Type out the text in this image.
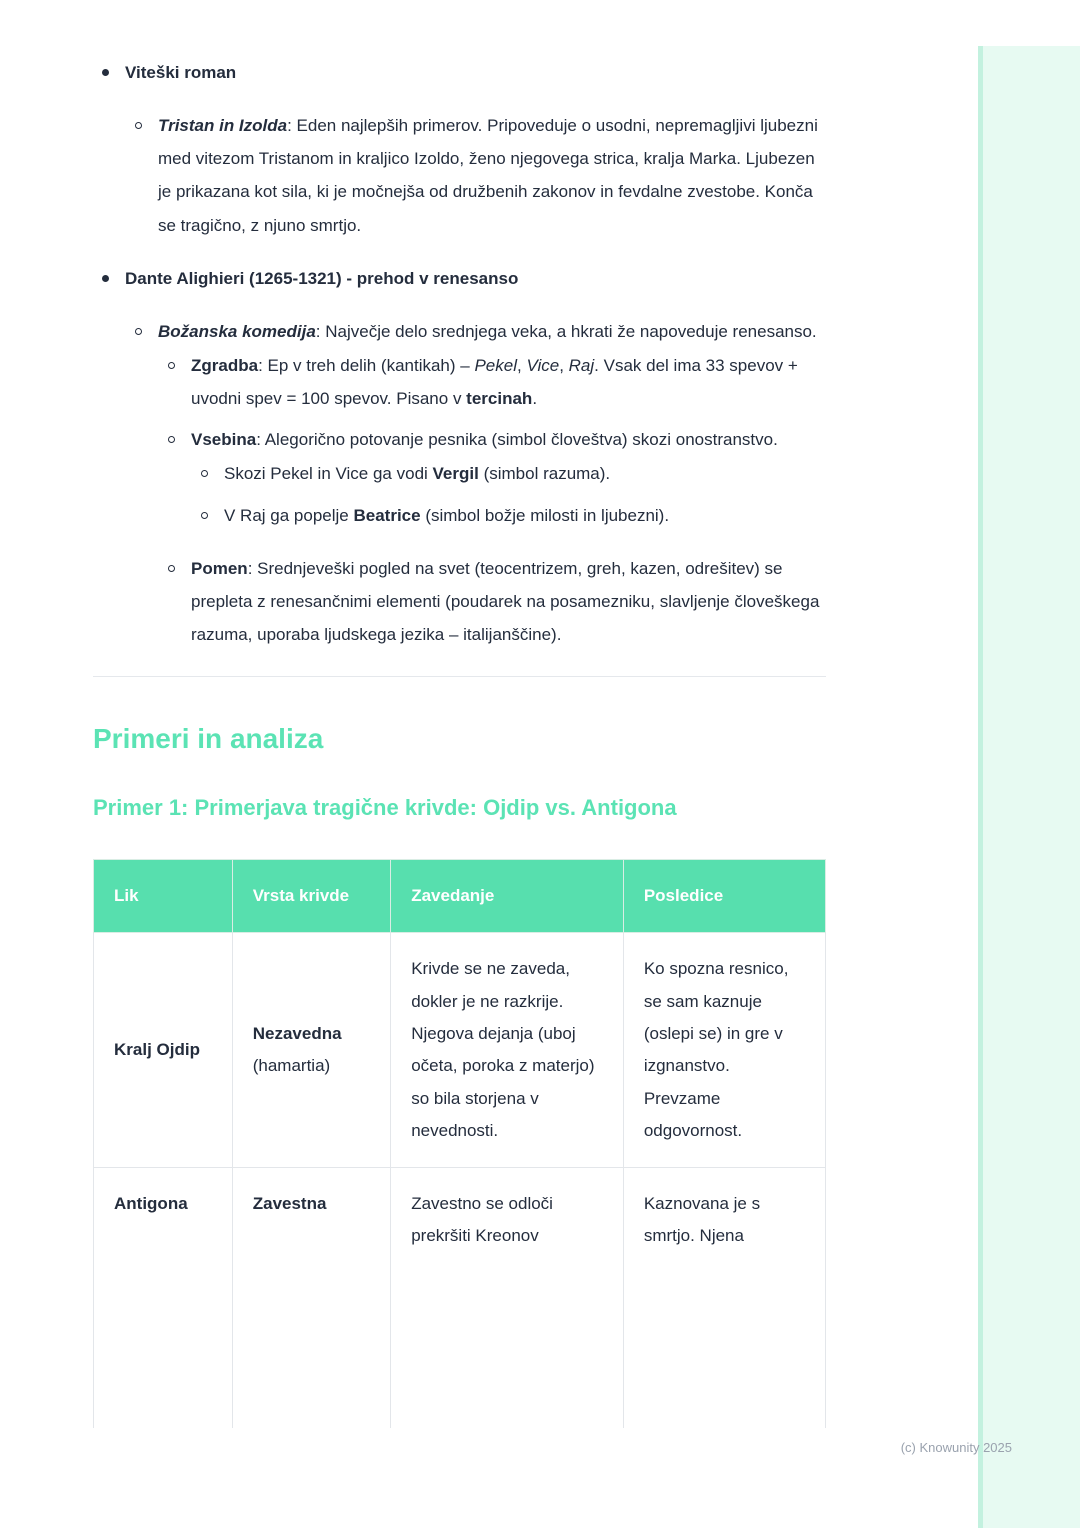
Viteški roman
Tristan in Izolda: Eden najlepših primerov. Pripoveduje o usodni, nepremagljivi ljubezni med vitezom Tristanom in kraljico Izoldo, ženo njegovega strica, kralja Marka. Ljubezen je prikazana kot sila, ki je močnejša od družbenih zakonov in fevdalne zvestobe. Konča se tragično, z njuno smrtjo.
Dante Alighieri (1265-1321) - prehod v renesanso
Božanska komedija: Največje delo srednjega veka, a hkrati že napoveduje renesanso.
Zgradba: Ep v treh delih (kantikah) – Pekel, Vice, Raj. Vsak del ima 33 spevov + uvodni spev = 100 spevov. Pisano v tercinah.
Vsebina: Alegorično potovanje pesnika (simbol človeštva) skozi onostranstvo.
Skozi Pekel in Vice ga vodi Vergil (simbol razuma).
V Raj ga popelje Beatrice (simbol božje milosti in ljubezni).
Pomen: Srednjeveški pogled na svet (teocentrizem, greh, kazen, odrešitev) se prepleta z renesančnimi elementi (poudarek na posamezniku, slavljenje človeškega razuma, uporaba ljudskega jezika – italijanščine).
Primeri in analiza
Primer 1: Primerjava tragične krivde: Ojdip vs. Antigona
Lik	Vrsta krivde	Zavedanje	Posledice
Kralj Ojdip	Nezavedna (hamartia)	Krivde se ne zaveda, dokler je ne razkrije. Njegova dejanja (uboj očeta, poroka z materjo) so bila storjena v nevednosti.	Ko spozna resnico, se sam kaznuje (oslepi se) in gre v izgnanstvo. Prevzame odgovornost.
Antigona	Zavestna	Zavestno se odloči prekršiti Kreonov	Kaznovana je s smrtjo. Njena
(c) Knowunity 2025
